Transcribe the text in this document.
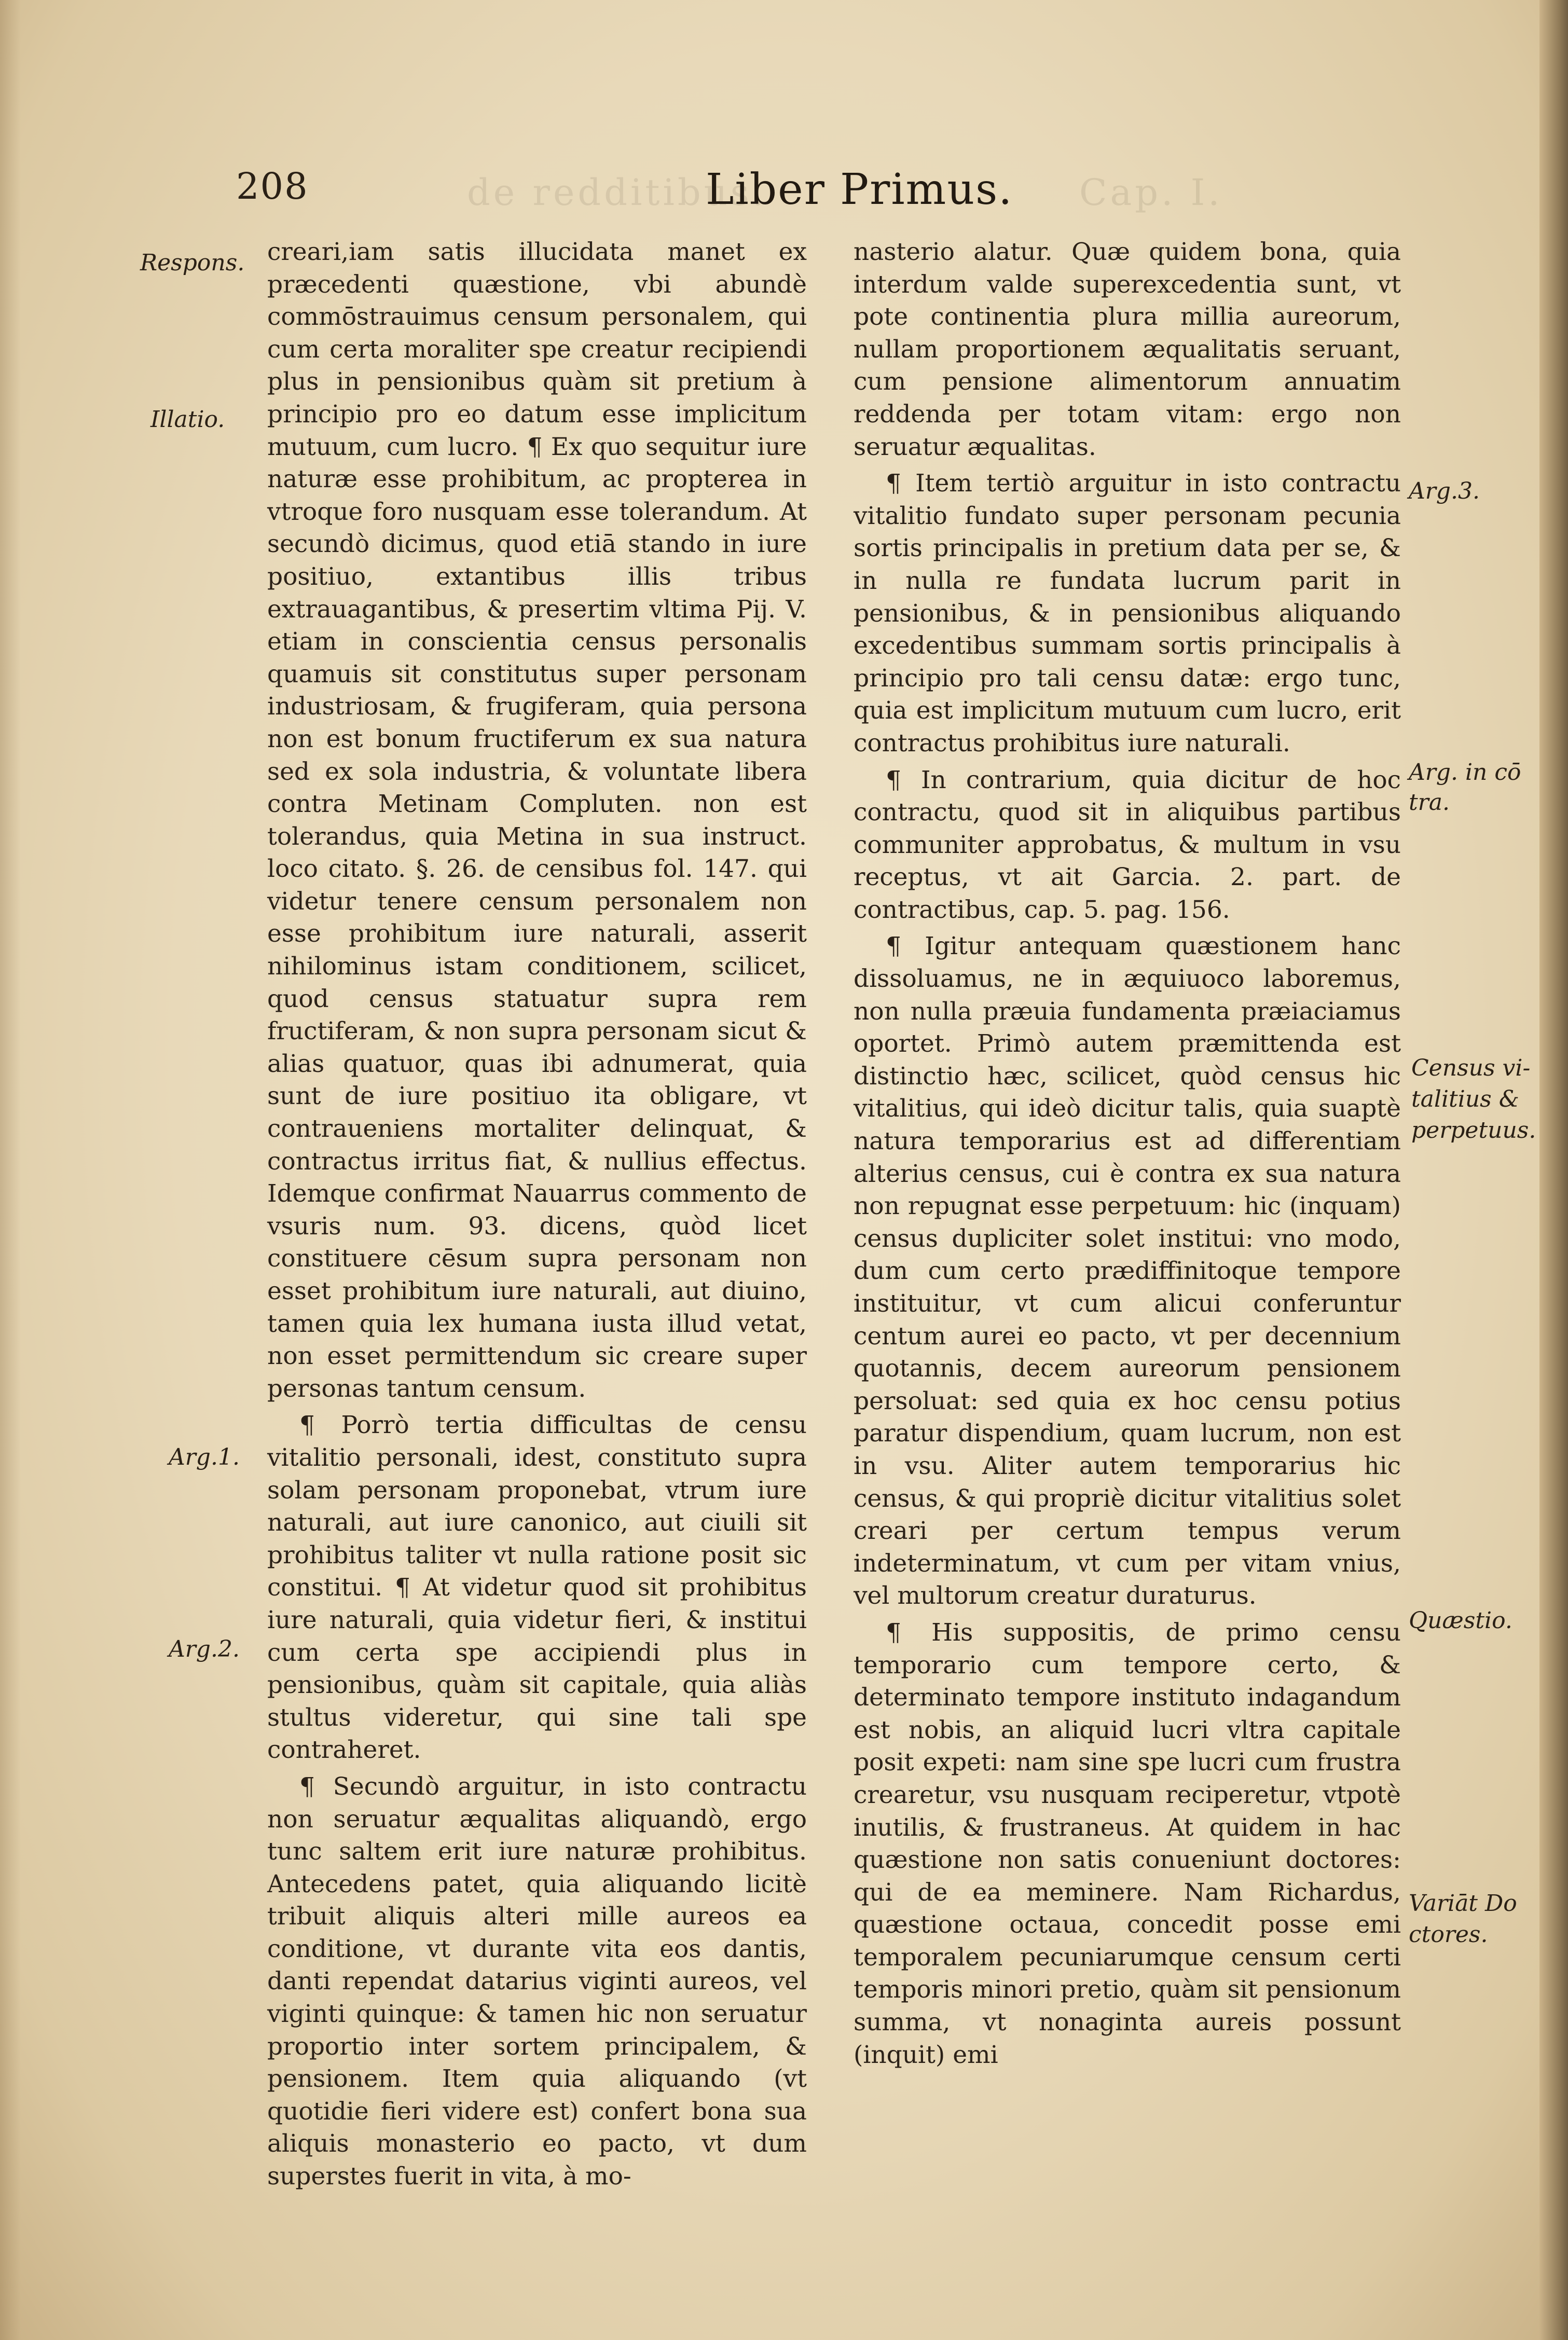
de redditibus.	Cap. I.
208	Liber Primus.
Respons.
Illatio.
Arg.1.
Arg.2.
Arg.3.
Arg. in cō
tra.
Census vi-
talitius &
perpetuus.
Quæstio.
Variāt Do
ctores.

creari,iam satis illucidata manet ex præcedenti quæstione, vbi abundè commōstrauimus censum personalem, qui cum certa moraliter spe creatur recipiendi plus in pensionibus quàm sit pretium à principio pro eo datum esse implicitum mutuum, cum lucro. ¶ Ex quo sequitur iure naturæ esse prohibitum, ac propterea in vtroque foro nusquam esse tolerandum. At secundò dicimus, quod etiā stando in iure positiuo, extantibus illis tribus extrauagantibus, & presertim vltima Pij. V. etiam in conscientia census personalis quamuis sit constitutus super personam industriosam, & frugiferam, quia persona non est bonum fructiferum ex sua natura sed ex sola industria, & voluntate libera contra Metinam Compluten. non est tolerandus, quia Metina in sua instruct. loco citato. §. 26. de censibus fol. 147. qui videtur tenere censum personalem non esse prohibitum iure naturali, asserit nihilominus istam conditionem, scilicet, quod census statuatur supra rem fructiferam, & non supra personam sicut & alias quatuor, quas ibi adnumerat, quia sunt de iure positiuo ita obligare, vt contraueniens mortaliter delinquat, & contractus irritus fiat, & nullius effectus. Idemque confirmat Nauarrus commento de vsuris num. 93. dicens, quòd licet constituere cēsum supra personam non esset prohibitum iure naturali, aut diuino, tamen quia lex humana iusta illud vetat, non esset permittendum sic creare super personas tantum censum.

¶ Porrò tertia difficultas de censu vitalitio personali, idest, constituto supra solam personam proponebat, vtrum iure naturali, aut iure canonico, aut ciuili sit prohibitus taliter vt nulla ratione posit sic constitui. ¶ At videtur quod sit prohibitus iure naturali, quia videtur fieri, & institui cum certa spe accipiendi plus in pensionibus, quàm sit capitale, quia aliàs stultus videretur, qui sine tali spe contraheret.

¶ Secundò arguitur, in isto contractu non seruatur æqualitas aliquandò, ergo tunc saltem erit iure naturæ prohibitus. Antecedens patet, quia aliquando licitè tribuit aliquis alteri mille aureos ea conditione, vt durante vita eos dantis, danti rependat datarius viginti aureos, vel viginti quinque: & tamen hic non seruatur proportio inter sortem principalem, & pensionem. Item quia aliquando (vt quotidie fieri videre est) confert bona sua aliquis monasterio eo pacto, vt dum superstes fuerit in vita, à mo-

nasterio alatur. Quæ quidem bona, quia interdum valde superexcedentia sunt, vt pote continentia plura millia aureorum, nullam proportionem æqualitatis seruant, cum pensione alimentorum annuatim reddenda per totam vitam: ergo non seruatur æqualitas.

¶ Item tertiò arguitur in isto contractu vitalitio fundato super personam pecunia sortis principalis in pretium data per se, & in nulla re fundata lucrum parit in pensionibus, & in pensionibus aliquando excedentibus summam sortis principalis à principio pro tali censu datæ: ergo tunc, quia est implicitum mutuum cum lucro, erit contractus prohibitus iure naturali.

¶ In contrarium, quia dicitur de hoc contractu, quod sit in aliquibus partibus communiter approbatus, & multum in vsu receptus, vt ait Garcia. 2. part. de contractibus, cap. 5. pag. 156.

¶ Igitur antequam quæstionem hanc dissoluamus, ne in æquiuoco laboremus, non nulla præuia fundamenta præiaciamus oportet. Primò autem præmittenda est distinctio hæc, scilicet, quòd census hic vitalitius, qui ideò dicitur talis, quia suaptè natura temporarius est ad differentiam alterius census, cui è contra ex sua natura non repugnat esse perpetuum: hic (inquam) census dupliciter solet institui: vno modo, dum cum certo prædiffinitoque tempore instituitur, vt cum alicui conferuntur centum aurei eo pacto, vt per decennium quotannis, decem aureorum pensionem persoluat: sed quia ex hoc censu potius paratur dispendium, quam lucrum, non est in vsu. Aliter autem temporarius hic census, & qui propriè dicitur vitalitius solet creari per certum tempus verum indeterminatum, vt cum per vitam vnius, vel multorum creatur duraturus.

¶ His suppositis, de primo censu temporario cum tempore certo, & determinato tempore instituto indagandum est nobis, an aliquid lucri vltra capitale posit expeti: nam sine spe lucri cum frustra crearetur, vsu nusquam reciperetur, vtpotè inutilis, & frustraneus. At quidem in hac quæstione non satis conueniunt doctores: qui de ea meminere. Nam Richardus, quæstione octaua, concedit posse emi temporalem pecuniarumque censum certi temporis minori pretio, quàm sit pensionum summa, vt nonaginta aureis possunt (inquit) emi
